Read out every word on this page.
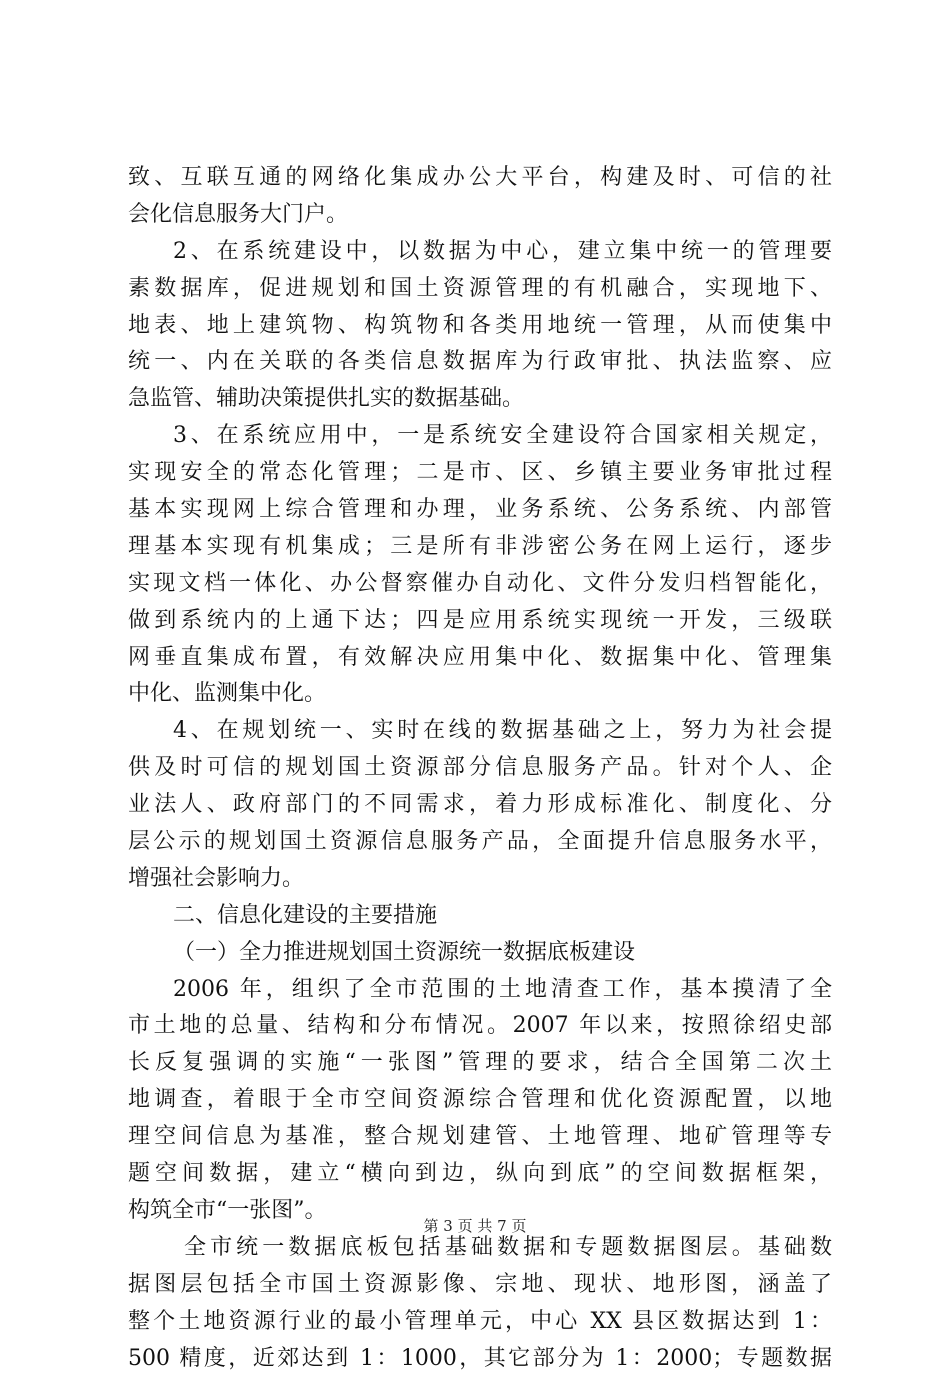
致、互联互通的网络化集成办公大平台，构建及时、可信的社
会化信息服务大门户。
2、在系统建设中，以数据为中心，建立集中统一的管理要
素数据库，促进规划和国土资源管理的有机融合，实现地下、
地表、地上建筑物、构筑物和各类用地统一管理，从而使集中
统一、内在关联的各类信息数据库为行政审批、执法监察、应
急监管、辅助决策提供扎实的数据基础。
3、在系统应用中，一是系统安全建设符合国家相关规定，
实现安全的常态化管理；二是市、区、乡镇主要业务审批过程
基本实现网上综合管理和办理，业务系统、公务系统、内部管
理基本实现有机集成；三是所有非涉密公务在网上运行，逐步
实现文档一体化、办公督察催办自动化、文件分发归档智能化，
做到系统内的上通下达；四是应用系统实现统一开发，三级联
网垂直集成布置，有效解决应用集中化、数据集中化、管理集
中化、监测集中化。
4、在规划统一、实时在线的数据基础之上，努力为社会提
供及时可信的规划国土资源部分信息服务产品。针对个人、企
业法人、政府部门的不同需求，着力形成标准化、制度化、分
层公示的规划国土资源信息服务产品，全面提升信息服务水平，
增强社会影响力。
二、信息化建设的主要措施
（一）全力推进规划国土资源统一数据底板建设
2006 年，组织了全市范围的土地清查工作，基本摸清了全
市土地的总量、结构和分布情况。2007 年以来，按照徐绍史部
长反复强调的实施“一张图”管理的要求，结合全国第二次土
地调查，着眼于全市空间资源综合管理和优化资源配置，以地
理空间信息为基准，整合规划建管、土地管理、地矿管理等专
题空间数据，建立“横向到边，纵向到底”的空间数据框架，
构筑全市“一张图”。
全市统一数据底板包括基础数据和专题数据图层。基础数
据图层包括全市国土资源影像、宗地、现状、地形图，涵盖了
整个土地资源行业的最小管理单元，中心 XX 县区数据达到 1：
500 精度，近郊达到 1：1000，其它部分为 1：2000；专题数据
第 3 页 共 7 页
